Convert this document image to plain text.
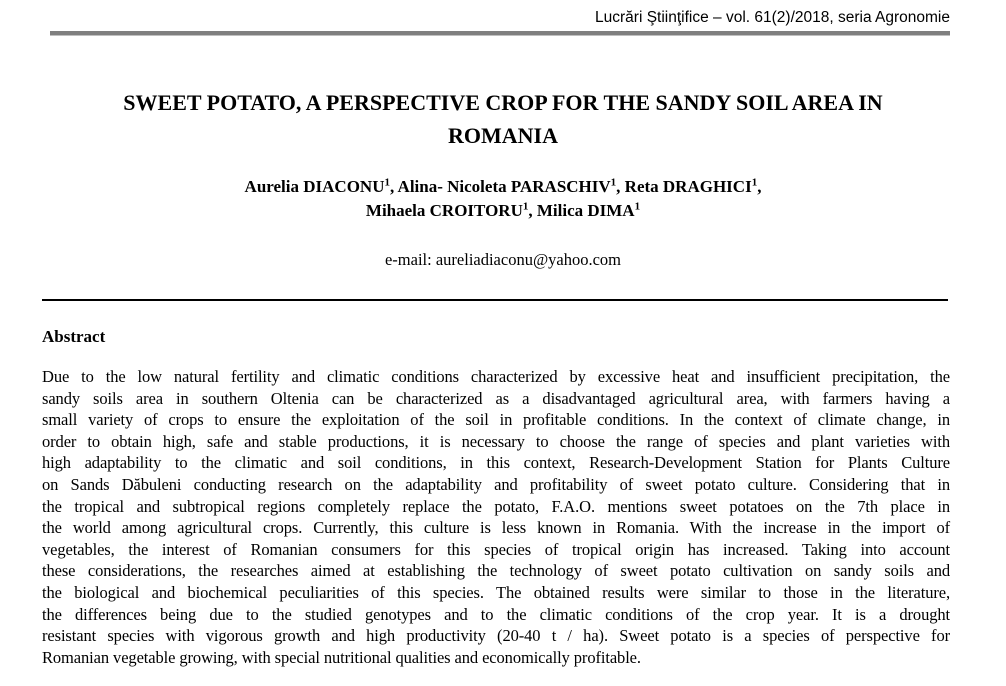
Lucrări Ştiinţifice – vol. 61(2)/2018, seria Agronomie
SWEET POTATO, A PERSPECTIVE CROP FOR THE SANDY SOIL AREA IN
ROMANIA
Aurelia DIACONU$^1$, Alina- Nicoleta PARASCHIV$^1$, Reta DRAGHICI$^1$,
Mihaela CROITORU$^1$, Milica DIMA$^1$
e-mail: aureliadiaconu@yahoo.com
Abstract
Due to the low natural fertility and climatic conditions characterized by excessive heat and insufficient precipitation, the
sandy soils area in southern Oltenia can be characterized as a disadvantaged agricultural area, with farmers having a
small variety of crops to ensure the exploitation of the soil in profitable conditions. In the context of climate change, in
order to obtain high, safe and stable productions, it is necessary to choose the range of species and plant varieties with
high adaptability to the climatic and soil conditions, in this context, Research-Development Station for Plants Culture
on Sands Dăbuleni conducting research on the adaptability and profitability of sweet potato culture. Considering that in
the tropical and subtropical regions completely replace the potato, F.A.O. mentions sweet potatoes on the 7th place in
the world among agricultural crops. Currently, this culture is less known in Romania. With the increase in the import of
vegetables, the interest of Romanian consumers for this species of tropical origin has increased. Taking into account
these considerations, the researches aimed at establishing the technology of sweet potato cultivation on sandy soils and
the biological and biochemical peculiarities of this species. The obtained results were similar to those in the literature,
the differences being due to the studied genotypes and to the climatic conditions of the crop year. It is a drought
resistant species with vigorous growth and high productivity (20-40 t / ha). Sweet potato is a species of perspective for
Romanian vegetable growing, with special nutritional qualities and economically profitable.
